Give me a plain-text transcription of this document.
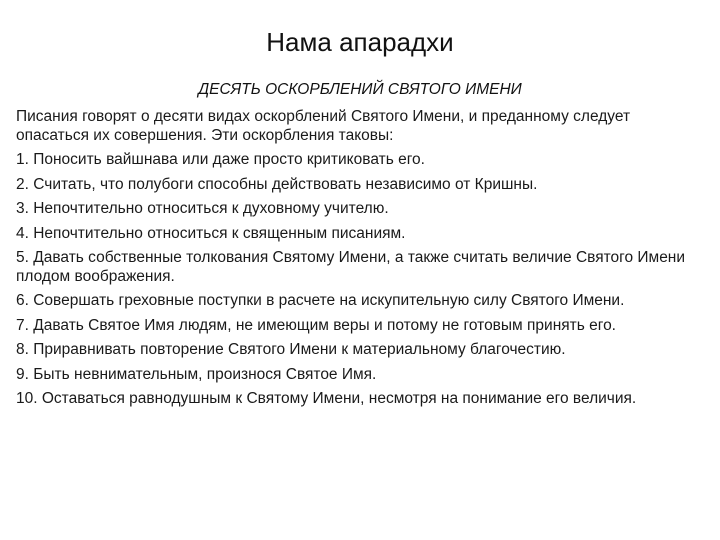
Нама апарадхи
ДЕСЯТЬ ОСКОРБЛЕНИЙ СВЯТОГО ИМЕНИ

Писания говорят о десяти видах оскорблений Святого Имени, и преданному следует опасаться их совершения. Эти оскорбления таковы:

1. Поносить вайшнава или даже просто критиковать его.

2. Считать, что полубоги способны действовать независимо от Кришны.

3. Непочтительно относиться к духовному учителю.

4. Непочтительно относиться к священным писаниям.

5. Давать собственные толкования Святому Имени, а также считать величие Святого Имени плодом воображения.

6. Совершать греховные поступки в расчете на искупительную силу Святого Имени.

7. Давать Святое Имя людям, не имеющим веры и потому не готовым принять его.

8. Приравнивать повторение Святого Имени к материальному благочестию.

9. Быть невнимательным, произнося Святое Имя.

10. Оставаться равнодушным к Святому Имени, несмотря на понимание его величия.
